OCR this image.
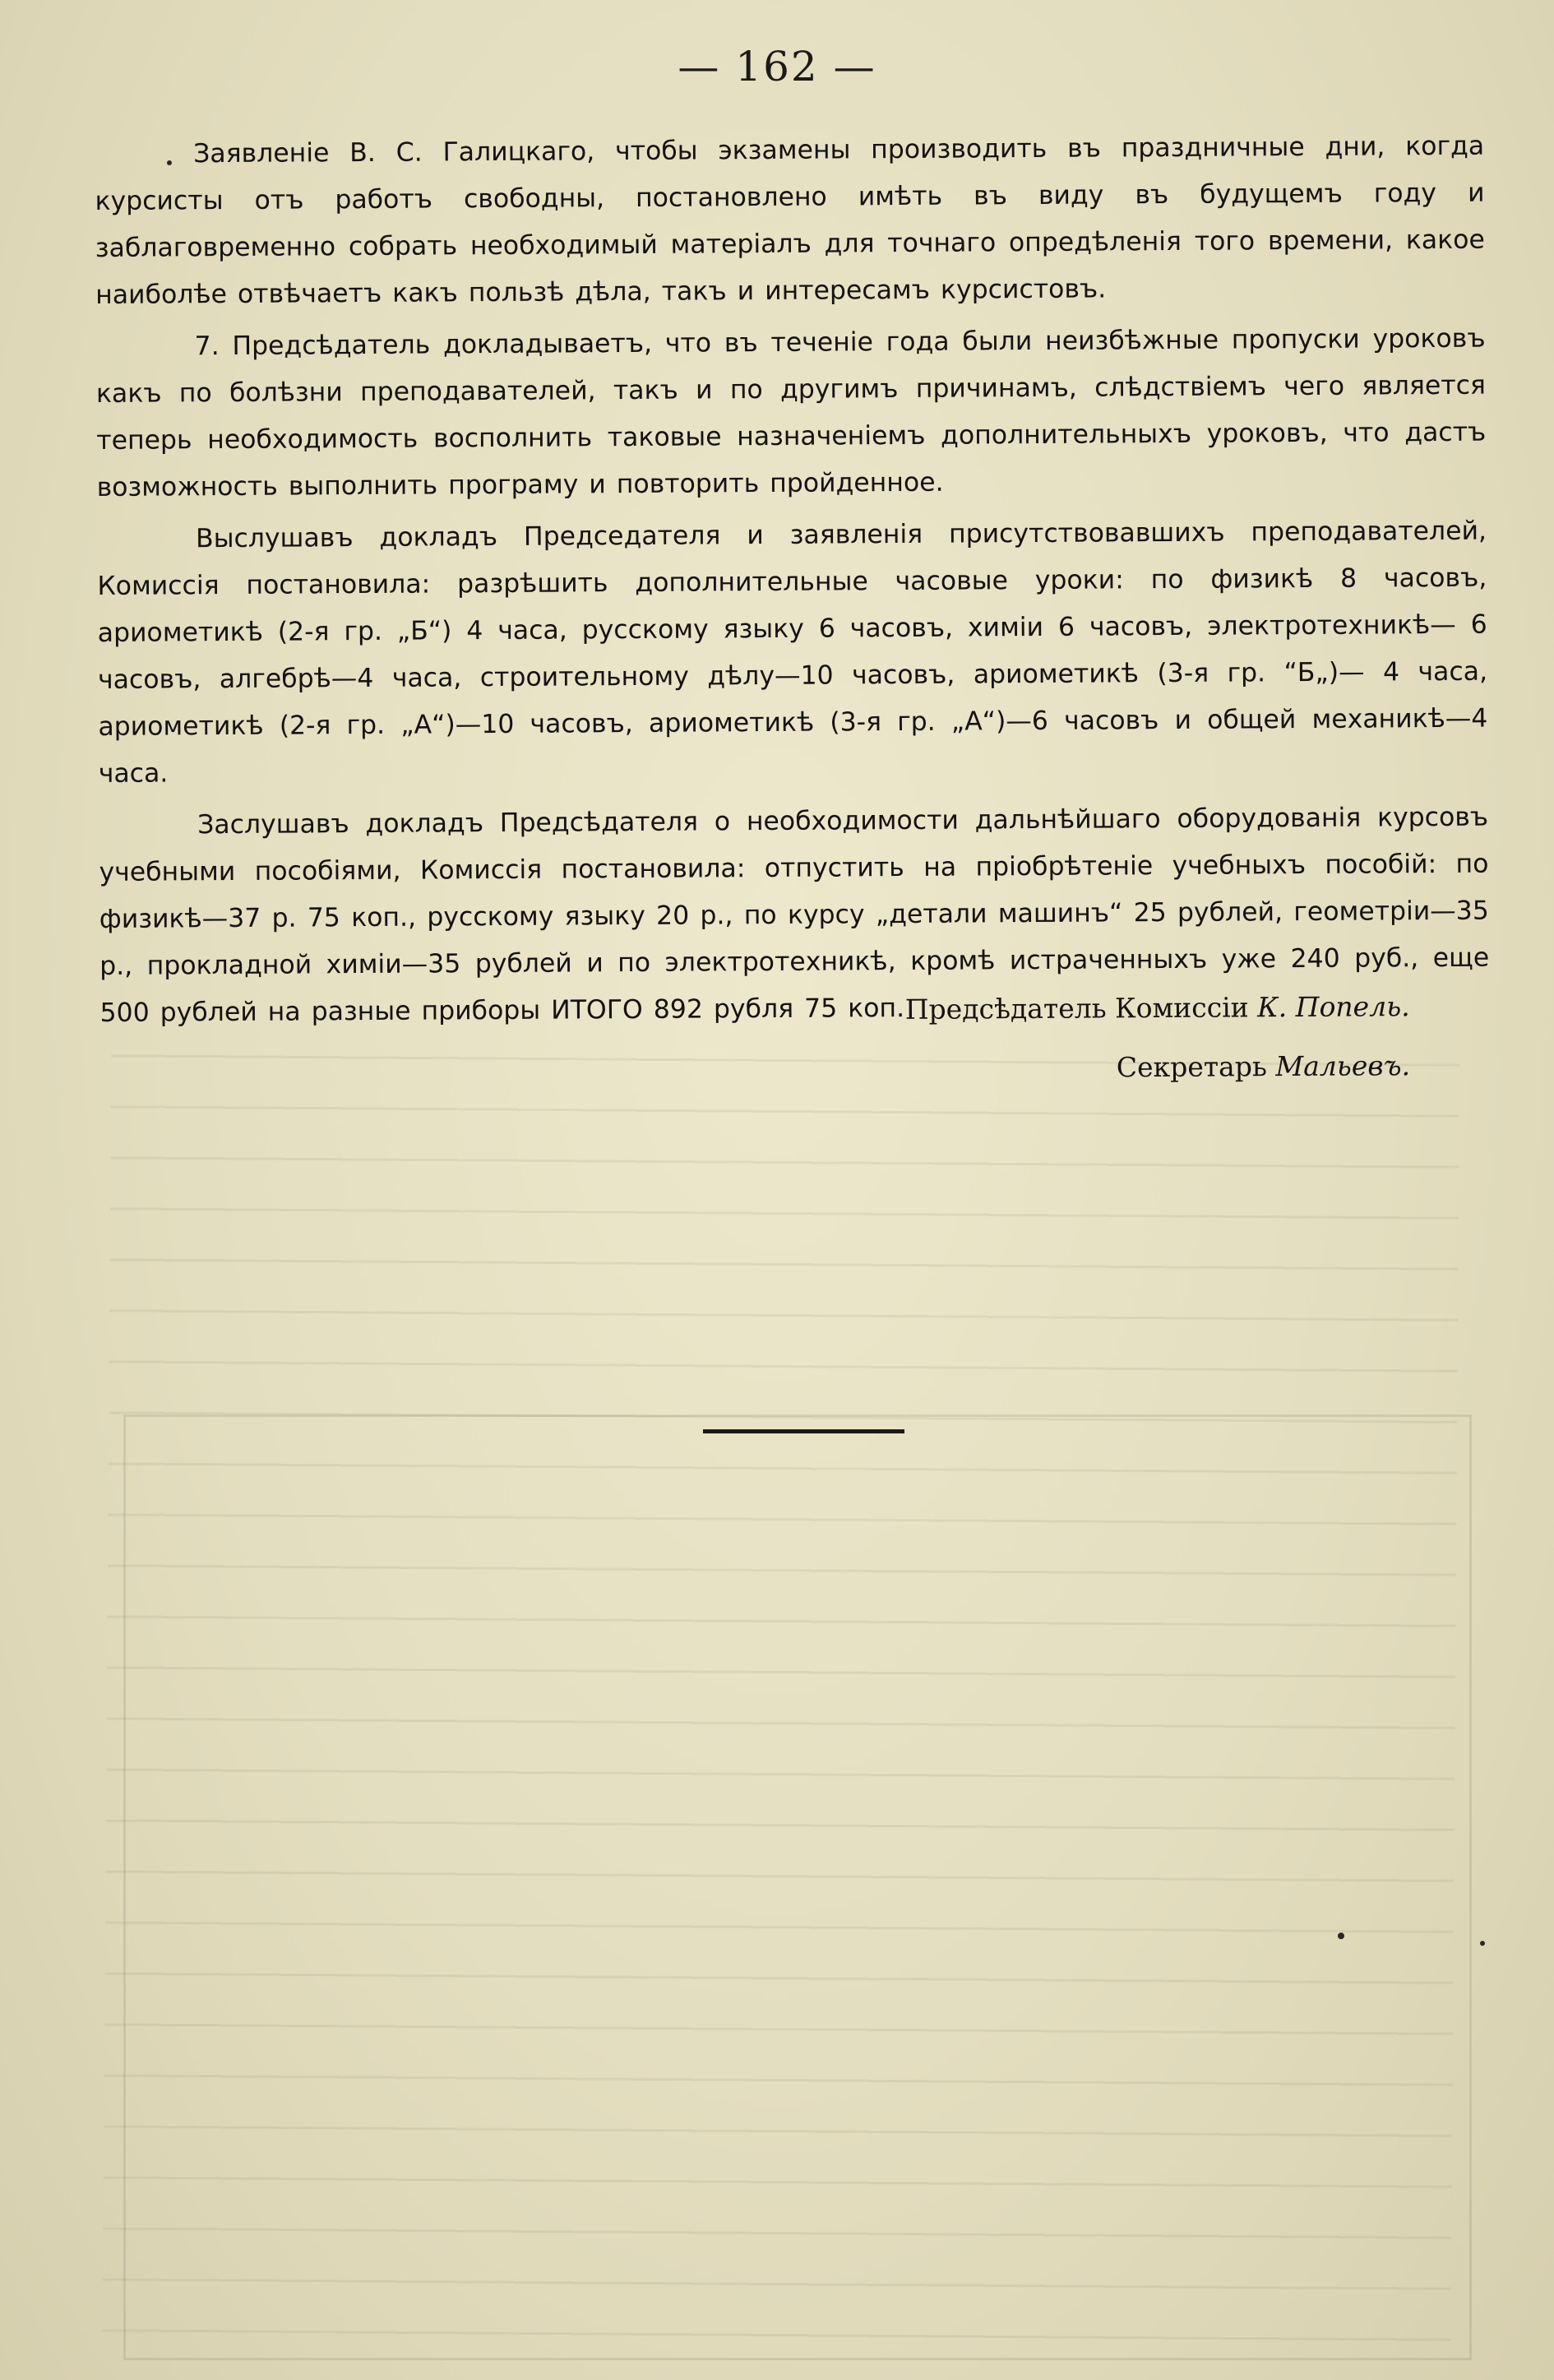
— 162 —

Заявленіе В. С. Галицкаго, чтобы экзамены производить въ праздничные дни, когда курсисты отъ работъ свободны, постановлено имѣть въ виду въ будущемъ году и заблаговременно собрать необходимый матеріалъ для точнаго опредѣленія того времени, какое наиболѣе отвѣчаетъ какъ пользѣ дѣла, такъ и интересамъ курсистовъ.

7. Предсѣдатель докладываетъ, что въ теченіе года были неизбѣжные пропуски уроковъ какъ по болѣзни преподавателей, такъ и по другимъ причинамъ, слѣдствіемъ чего является теперь необходимость восполнить таковые назначеніемъ дополнительныхъ уроковъ, что дастъ возможность выполнить програму и повторить пройденное.

Выслушавъ докладъ Председателя и заявленія присутствовавшихъ преподавателей, Комиссія постановила: разрѣшить дополнительные часовые уроки: по физикѣ 8 часовъ, ариометикѣ (2-я гр. „Б“) 4 часа, русскому языку 6 часовъ, химіи 6 часовъ, электротехникѣ— 6 часовъ, алгебрѣ—4 часа, строительному дѣлу—10 часовъ, ариометикѣ (3-я гр. “Б„)— 4 часа, ариометикѣ (2-я гр. „А“)—10 часовъ, ариометикѣ (3-я гр. „А“)—6 часовъ и общей механикѣ—4 часа.

Заслушавъ докладъ Предсѣдателя о необходимости дальнѣйшаго оборудованія курсовъ учебными пособіями, Комиссія постановила: отпустить на пріобрѣтеніе учебныхъ пособій: по физикѣ—37 р. 75 коп., русскому языку 20 р., по курсу „детали машинъ“ 25 рублей, геометріи—35 р., прокладной химіи—35 рублей и по электротехникѣ, кромѣ истраченныхъ уже 240 руб., еще 500 рублей на разные приборы ИТОГО 892 рубля 75 коп. Предсѣдатель Комиссіи К. Попель.
Секретарь Мальевъ.
